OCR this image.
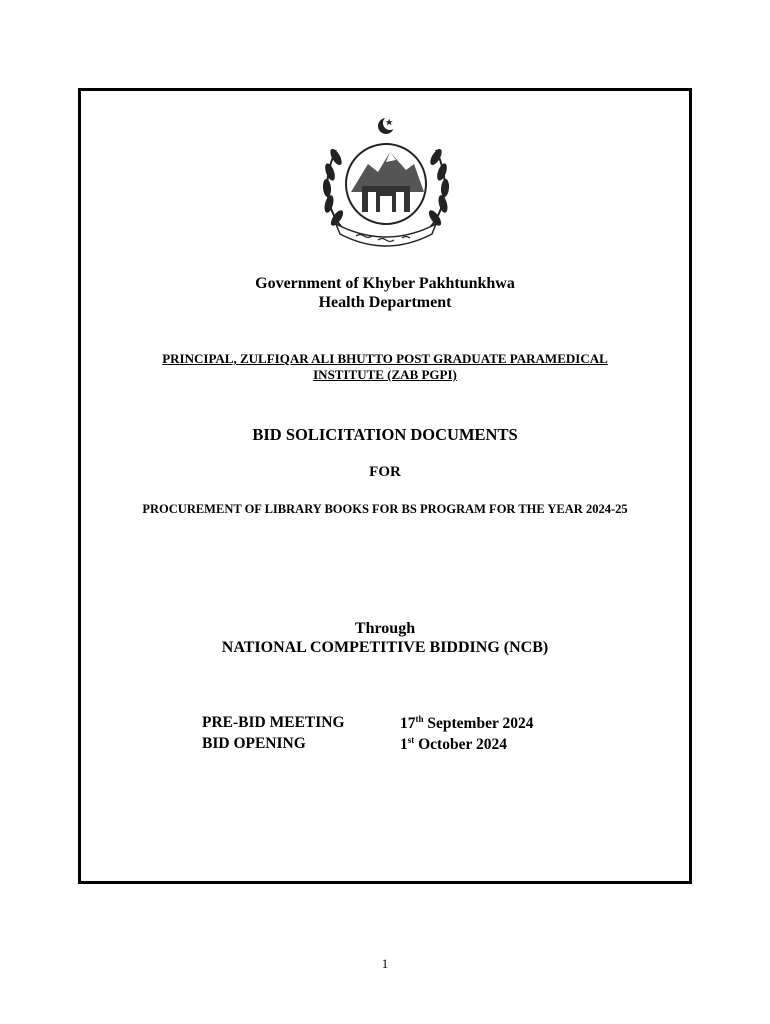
Government of Khyber Pakhtunkhwa
Health Department
PRINCIPAL, ZULFIQAR ALI BHUTTO POST GRADUATE PARAMEDICAL
INSTITUTE (ZAB PGPI)
BID SOLICITATION DOCUMENTS
FOR
PROCUREMENT OF LIBRARY BOOKS FOR BS PROGRAM FOR THE YEAR 2024-25
Through
NATIONAL COMPETITIVE BIDDING (NCB)
PRE-BID MEETING	17th September 2024
BID OPENING	1st October 2024
1
